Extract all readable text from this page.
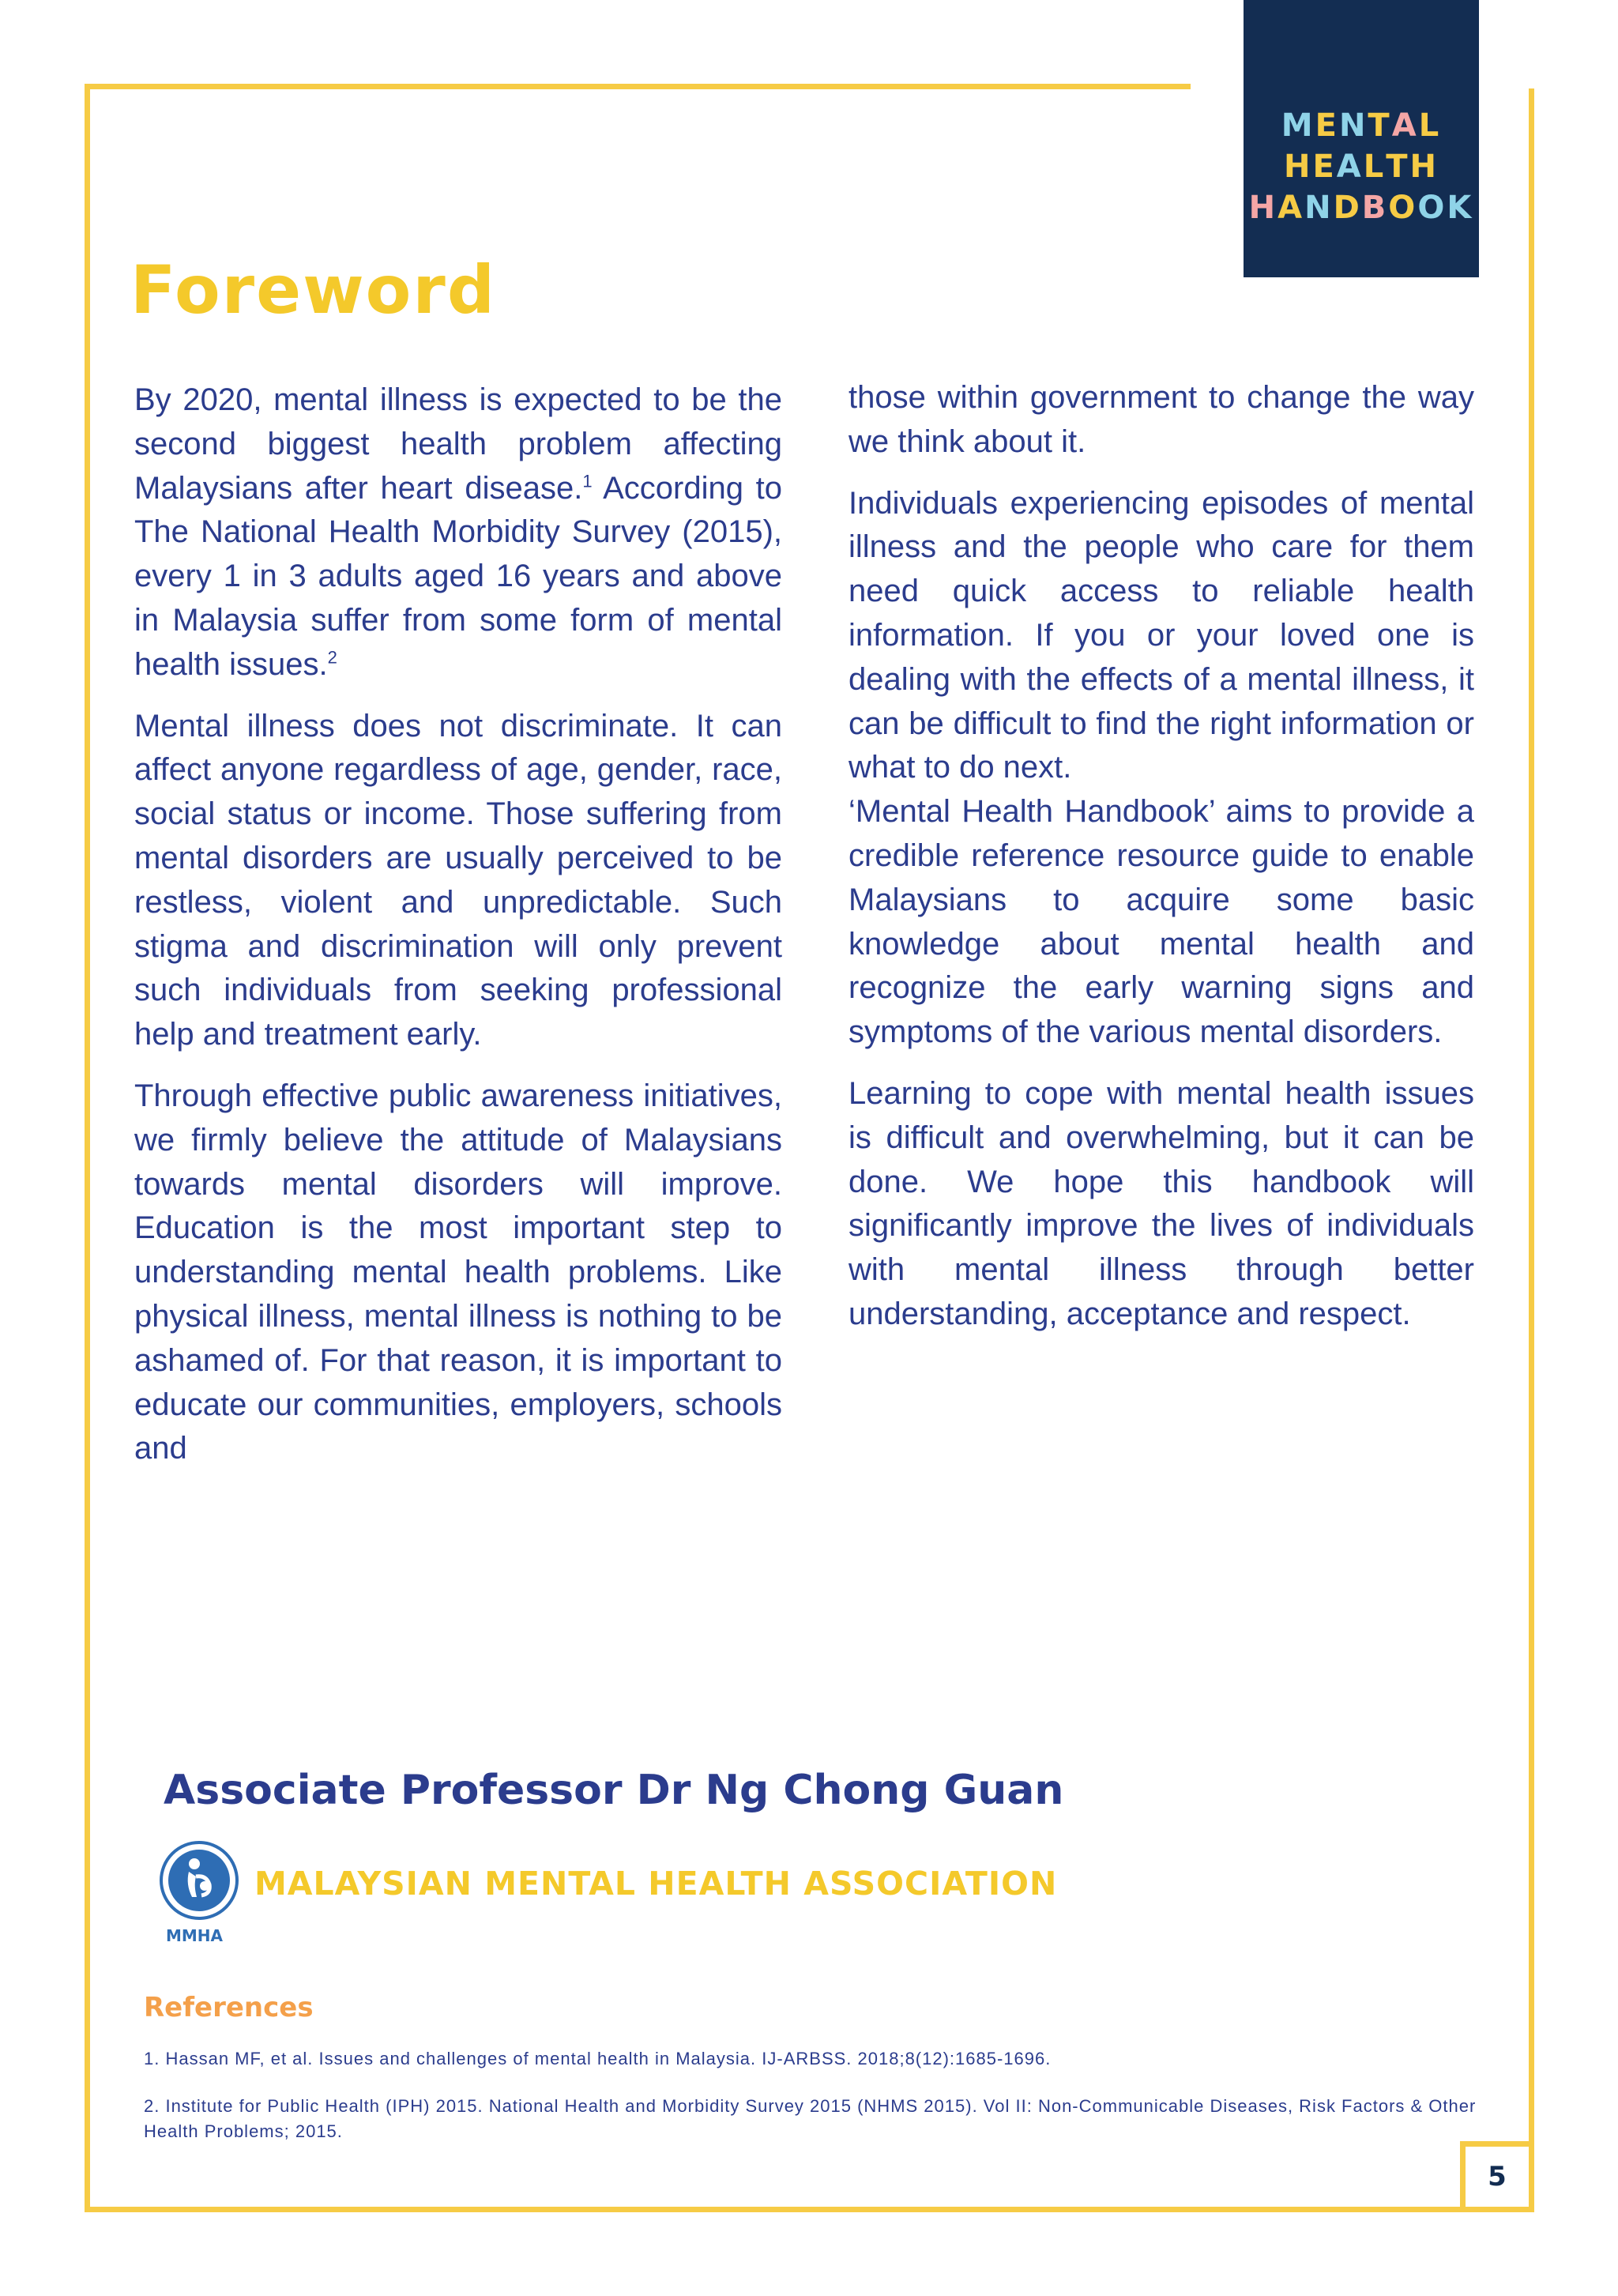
MENTAL
HEALTH
HANDBOOK
Foreword

By 2020, mental illness is expected to be the second biggest health problem affecting Malaysians after heart disease.$^1$ According to The National Health Morbidity Survey (2015), every 1 in 3 adults aged 16 years and above in Malaysia suffer from some form of mental health issues.$^2$

Mental illness does not discriminate. It can affect anyone regardless of age, gender, race, social status or income. Those suffering from mental disorders are usually perceived to be restless, violent and unpredictable. Such stigma and discrimination will only prevent such individuals from seeking professional help and treatment early.

Through effective public awareness initiatives, we firmly believe the attitude of Malaysians towards mental disorders will improve. Education is the most important step to understanding mental health problems. Like physical illness, mental illness is nothing to be ashamed of. For that reason, it is important to educate our communities, employers, schools and

those within government to change the way we think about it.

Individuals experiencing episodes of mental illness and the people who care for them need quick access to reliable health information. If you or your loved one is dealing with the effects of a mental illness, it can be difficult to find the right information or what to do next.

‘Mental Health Handbook’ aims to provide a credible reference resource guide to enable Malaysians to acquire some basic knowledge about mental health and recognize the early warning signs and symptoms of the various mental disorders.

Learning to cope with mental health issues is difficult and overwhelming, but it can be done. We hope this handbook will significantly improve the lives of individuals with mental illness through better understanding, acceptance and respect.

Associate Professor Dr Ng Chong Guan
MMHA
MALAYSIAN MENTAL HEALTH ASSOCIATION
References

1. Hassan MF, et al. Issues and challenges of mental health in Malaysia. IJ-ARBSS. 2018;8(12):1685-1696.

2. Institute for Public Health (IPH) 2015. National Health and Morbidity Survey 2015 (NHMS 2015). Vol II: Non-Communicable Diseases, Risk Factors & Other Health Problems; 2015.

5
